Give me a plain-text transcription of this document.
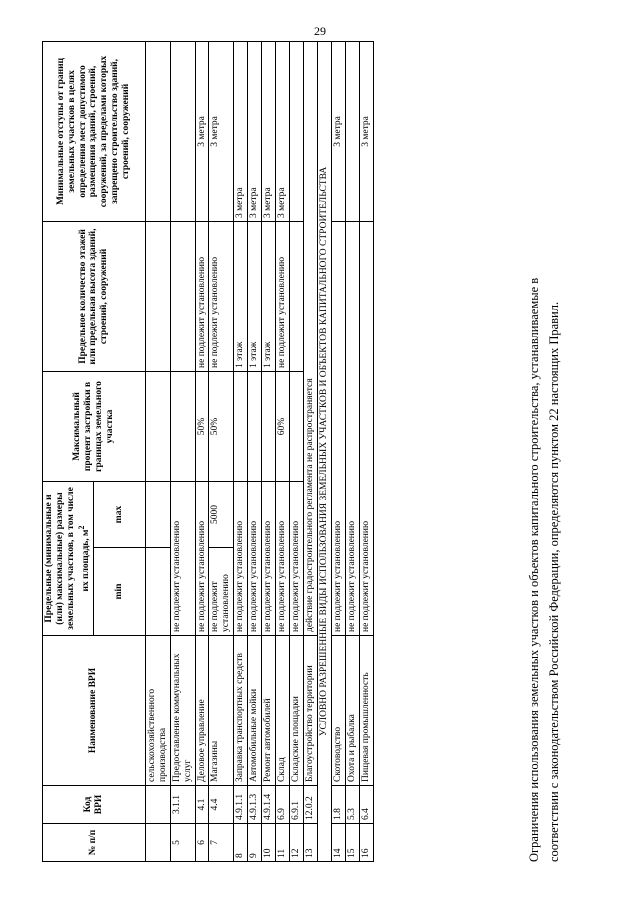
29
№ п/п	Код ВРИ	Наименование ВРИ	Предельные (минимальные и (или) максимальные) размеры земельных участков, в том числе их площадь, $м^2$		Максимальный процент застройки в границах земельного участка	Предельное количество этажей или предельная высота зданий, строений, сооружений	Минимальные отступы от границ земельных участков в целях определения мест допустимого размещения зданий, строений, сооружений, за пределами которых запрещено строительство зданий, строений, сооружений
			min	max			
		сельскохозяйственного производства					
5	3.1.1	Предоставление коммунальных услуг	не подлежит установлению				
6	4.1	Деловое управление	не подлежит установлению		50%	не подлежит установлению	3 метра
7	4.4	Магазины	не подлежит установлению	5000	50%	не подлежит установлению	3 метра
8	4.9.1.1	Заправка транспортных средств	не подлежит установлению			1 этаж	3 метра
9	4.9.1.3	Автомобильные мойки	не подлежит установлению			1 этаж	3 метра
10	4.9.1.4	Ремонт автомобилей	не подлежит установлению			1 этаж	3 метра
11	6.9	Склад	не подлежит установлению		60%	не подлежит установлению	3 метра
12	6.9.1	Складские площадки	не подлежит установлению				
13	12.0.2	Благоустройство территории	действие градостроительного регламента не распространяется				
УСЛОВНО РАЗРЕШЕННЫЕ ВИДЫ ИСПОЛЬЗОВАНИЯ ЗЕМЕЛЬНЫХ УЧАСТКОВ И ОБЪЕКТОВ КАПИТАЛЬНОГО СТРОИТЕЛЬСТВА							
14	1.8	Скотоводство	не подлежит установлению				3 метра
15	5.3	Охота и рыбалка	не подлежит установлению				
16	6.4	Пищевая промышленность	не подлежит установлению				3 метра
Ограничения использования земельных участков и объектов капитального строительства, устанавливаемые в соответствии с законодательством Российской Федерации, определяются пунктом 22 настоящих Правил.
